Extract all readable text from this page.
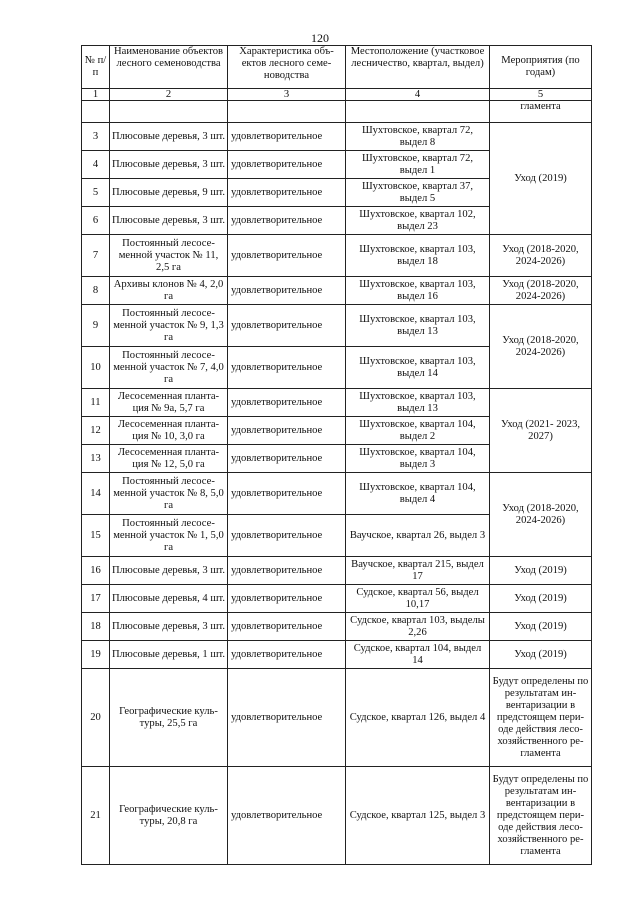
120
№ п/п	Наименование объектов лесного семеноводства	Характеристика объектов лесного семеноводства	Местоположение (участковое лесничество, квартал, выдел)	Мероприятия (по годам)
1	2	3	4	5
				гламента
3	Плюсовые деревья, 3 шт.	удовлетворительное	Шухтовское, квартал 72, выдел 8	Уход (2019)
4	Плюсовые деревья, 3 шт.	удовлетворительное	Шухтовское, квартал 72, выдел 1	
5	Плюсовые деревья, 9 шт.	удовлетворительное	Шухтовское, квартал 37, выдел 5	
6	Плюсовые деревья, 3 шт.	удовлетворительное	Шухтовское, квартал 102, выдел 23	
7	Постоянный лесосеменной участок № 11, 2,5 га	удовлетворительное	Шухтовское, квартал 103, выдел 18	Уход (2018-2020, 2024-2026)
8	Архивы клонов № 4, 2,0 га	удовлетворительное	Шухтовское, квартал 103, выдел 16	Уход (2018-2020, 2024-2026)
9	Постоянный лесосеменной участок № 9, 1,3 га	удовлетворительное	Шухтовское, квартал 103, выдел 13	Уход (2018-2020, 2024-2026)
10	Постоянный лесосеменной участок № 7, 4,0 га	удовлетворительное	Шухтовское, квартал 103, выдел 14	
11	Лесосеменная плантация № 9а, 5,7 га	удовлетворительное	Шухтовское, квартал 103, выдел 13	Уход (2021- 2023, 2027)
12	Лесосеменная плантация № 10, 3,0 га	удовлетворительное	Шухтовское, квартал 104, выдел 2	
13	Лесосеменная плантация № 12, 5,0 га	удовлетворительное	Шухтовское, квартал 104, выдел 3	
14	Постоянный лесосеменной участок № 8, 5,0 га	удовлетворительное	Шухтовское, квартал 104, выдел 4	Уход (2018-2020, 2024-2026)
15	Постоянный лесосеменной участок № 1, 5,0 га	удовлетворительное	Ваучское, квартал 26, выдел 3	
16	Плюсовые деревья, 3 шт.	удовлетворительное	Ваучское, квартал 215, выдел 17	Уход (2019)
17	Плюсовые деревья, 4 шт.	удовлетворительное	Судское, квартал 56, выдел 10,17	Уход (2019)
18	Плюсовые деревья, 3 шт.	удовлетворительное	Судское, квартал 103, выделы 2,26	Уход (2019)
19	Плюсовые деревья, 1 шт.	удовлетворительное	Судское, квартал 104, выдел 14	Уход (2019)
20	Географические культуры, 25,5 га	удовлетворительное	Судское, квартал 126, выдел 4	Будут определены по результатам инвентаризации в предстоящем периоде действия лесохозяйственного регламента
21	Географические культуры, 20,8 га	удовлетворительное	Судское, квартал 125, выдел 3	Будут определены по результатам инвентаризации в предстоящем периоде действия лесохозяйственного регламента
